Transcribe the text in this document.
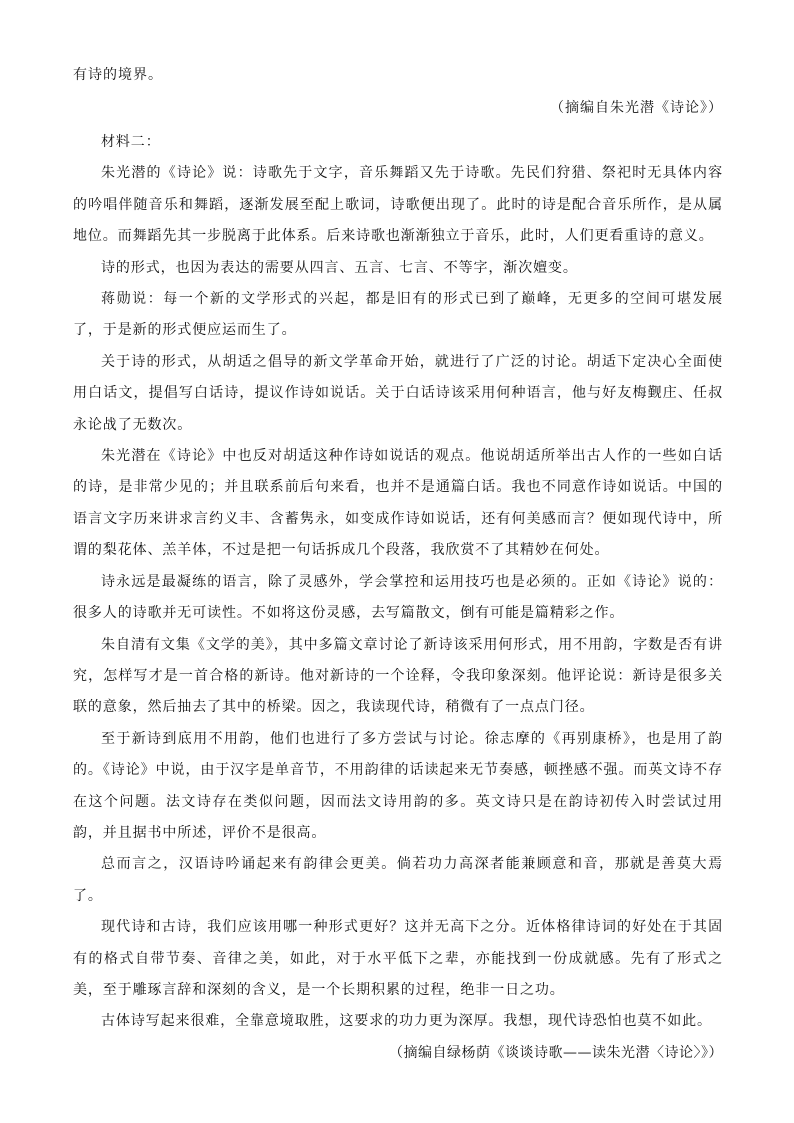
有诗的境界。
（摘编自朱光潜《诗论》）

材料二：

朱光潜的《诗论》说：诗歌先于文字，音乐舞蹈又先于诗歌。先民们狩猎、祭祀时无具体内容的吟唱伴随音乐和舞蹈，逐渐发展至配上歌词，诗歌便出现了。此时的诗是配合音乐所作，是从属地位。而舞蹈先其一步脱离于此体系。后来诗歌也渐渐独立于音乐，此时，人们更看重诗的意义。

诗的形式，也因为表达的需要从四言、五言、七言、不等字，渐次嬗变。

蒋勋说：每一个新的文学形式的兴起，都是旧有的形式已到了巅峰，无更多的空间可堪发展了，于是新的形式便应运而生了。

关于诗的形式，从胡适之倡导的新文学革命开始，就进行了广泛的讨论。胡适下定决心全面使用白话文，提倡写白话诗，提议作诗如说话。关于白话诗该采用何种语言，他与好友梅觐庄、任叔永论战了无数次。

朱光潜在《诗论》中也反对胡适这种作诗如说话的观点。他说胡适所举出古人作的一些如白话的诗，是非常少见的；并且联系前后句来看，也并不是通篇白话。我也不同意作诗如说话。中国的语言文字历来讲求言约义丰、含蓄隽永，如变成作诗如说话，还有何美感而言？便如现代诗中，所谓的梨花体、羔羊体，不过是把一句话拆成几个段落，我欣赏不了其精妙在何处。

诗永远是最凝练的语言，除了灵感外，学会掌控和运用技巧也是必须的。正如《诗论》说的：很多人的诗歌并无可读性。不如将这份灵感，去写篇散文，倒有可能是篇精彩之作。

朱自清有文集《文学的美》，其中多篇文章讨论了新诗该采用何形式，用不用韵，字数是否有讲究，怎样写才是一首合格的新诗。他对新诗的一个诠释，令我印象深刻。他评论说：新诗是很多关联的意象，然后抽去了其中的桥梁。因之，我读现代诗，稍微有了一点点门径。

至于新诗到底用不用韵，他们也进行了多方尝试与讨论。徐志摩的《再别康桥》，也是用了韵的。《诗论》中说，由于汉字是单音节，不用韵律的话读起来无节奏感，顿挫感不强。而英文诗不存在这个问题。法文诗存在类似问题，因而法文诗用韵的多。英文诗只是在韵诗初传入时尝试过用韵，并且据书中所述，评价不是很高。

总而言之，汉语诗吟诵起来有韵律会更美。倘若功力高深者能兼顾意和音，那就是善莫大焉了。

现代诗和古诗，我们应该用哪一种形式更好？这并无高下之分。近体格律诗词的好处在于其固有的格式自带节奏、音律之美，如此，对于水平低下之辈，亦能找到一份成就感。先有了形式之美，至于雕琢言辞和深刻的含义，是一个长期积累的过程，绝非一日之功。

古体诗写起来很难，全靠意境取胜，这要求的功力更为深厚。我想，现代诗恐怕也莫不如此。

（摘编自绿杨荫《谈谈诗歌——读朱光潜〈诗论〉》）
